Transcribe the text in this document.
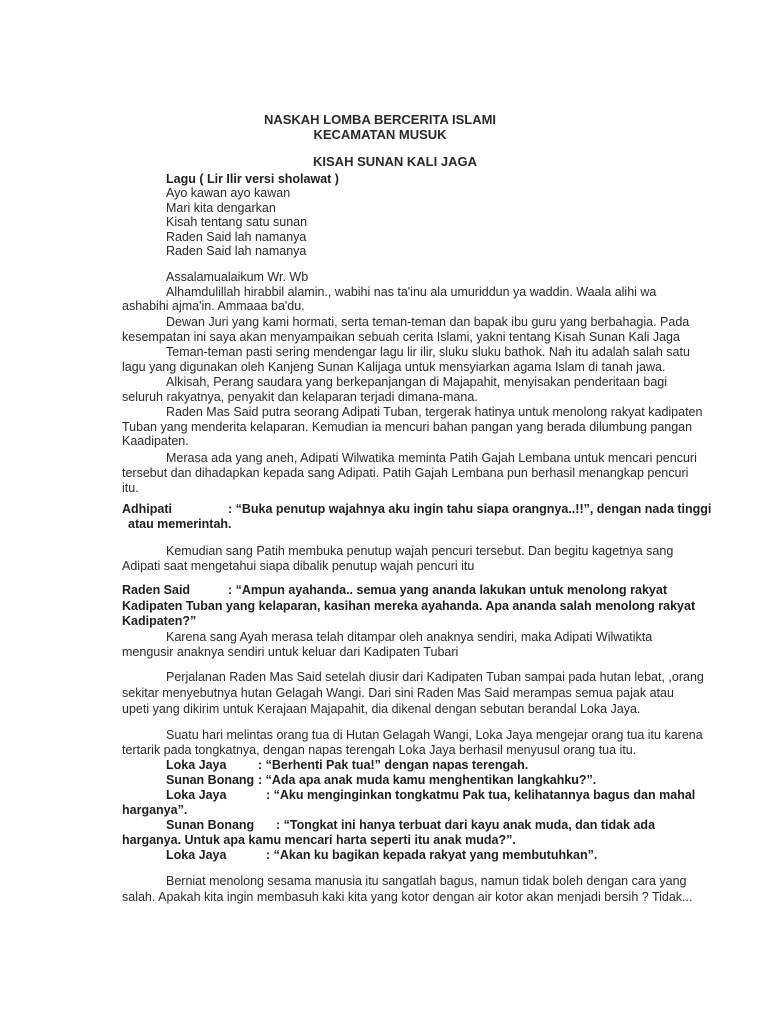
NASKAH LOMBA BERCERITA ISLAMI
KECAMATAN MUSUK
KISAH SUNAN KALI JAGA
Lagu ( Lir Ilir versi sholawat )
Ayo kawan ayo kawan
Mari kita dengarkan
Kisah tentang satu sunan
Raden Said lah namanya
Raden Said lah namanya
Assalamualaikum Wr. Wb
Alhamdulillah hirabbil alamin., wabihi nas ta'inu ala umuriddun ya waddin. Waala alihi wa
ashabihi ajma'in. Ammaaa ba'du.
Dewan Juri yang kami hormati, serta teman-teman dan bapak ibu guru yang berbahagia. Pada
kesempatan ini saya akan menyampaikan sebuah cerita Islami, yakni tentang Kisah Sunan Kali Jaga
Teman-teman pasti sering mendengar lagu lir ilir, sluku sluku bathok. Nah itu adalah salah satu
lagu yang digunakan oleh Kanjeng Sunan Kalijaga untuk mensyiarkan agama Islam di tanah jawa.
Alkisah, Perang saudara yang berkepanjangan di Majapahit, menyisakan penderitaan bagi
seluruh rakyatnya, penyakit dan kelaparan terjadi dimana-mana.
Raden Mas Said putra seorang Adipati Tuban, tergerak hatinya untuk menolong rakyat kadipaten
Tuban yang menderita kelaparan. Kemudian ia mencuri bahan pangan yang berada dilumbung pangan
Kaadipaten.
Merasa ada yang aneh, Adipati Wilwatika meminta Patih Gajah Lembana untuk mencari pencuri
tersebut dan dihadapkan kepada sang Adipati. Patih Gajah Lembana pun berhasil menangkap pencuri
itu.
Adhipati	: “Buka penutup wajahnya aku ingin tahu siapa orangnya..!!”, dengan nada tinggi
atau memerintah.
Kemudian sang Patih membuka penutup wajah pencuri tersebut. Dan begitu kagetnya sang
Adipati saat mengetahui siapa dibalik penutup wajah pencuri itu
Raden Said	: “Ampun ayahanda.. semua yang ananda lakukan untuk menolong rakyat
Kadipaten Tuban yang kelaparan, kasihan mereka ayahanda. Apa ananda salah menolong rakyat
Kadipaten?”
Karena sang Ayah merasa telah ditampar oleh anaknya sendiri, maka Adipati Wilwatikta
mengusir anaknya sendiri untuk keluar dari Kadipaten Tubari
Perjalanan Raden Mas Said setelah diusir dari Kadipaten Tuban sampai pada hutan lebat, ,orang
sekitar menyebutnya hutan Gelagah Wangi. Dari sini Raden Mas Said merampas semua pajak atau
upeti yang dikirim untuk Kerajaan Majapahit, dia dikenal dengan sebutan berandal Loka Jaya.
Suatu hari melintas orang tua di Hutan Gelagah Wangi, Loka Jaya mengejar orang tua itu karena
tertarik pada tongkatnya, dengan napas terengah Loka Jaya berhasil menyusul orang tua itu.
Loka Jaya	: “Berhenti Pak tua!” dengan napas terengah.
Sunan Bonang : “Ada apa anak muda kamu menghentikan langkahku?”.
Loka Jaya	: “Aku menginginkan tongkatmu Pak tua, kelihatannya bagus dan mahal
harganya”.
Sunan Bonang : “Tongkat ini hanya terbuat dari kayu anak muda, dan tidak ada
harganya. Untuk apa kamu mencari harta seperti itu anak muda?”.
Loka Jaya	: “Akan ku bagikan kepada rakyat yang membutuhkan”.
Berniat menolong sesama manusia itu sangatlah bagus, namun tidak boleh dengan cara yang
salah. Apakah kita ingin membasuh kaki kita yang kotor dengan air kotor akan menjadi bersih ? Tidak...
